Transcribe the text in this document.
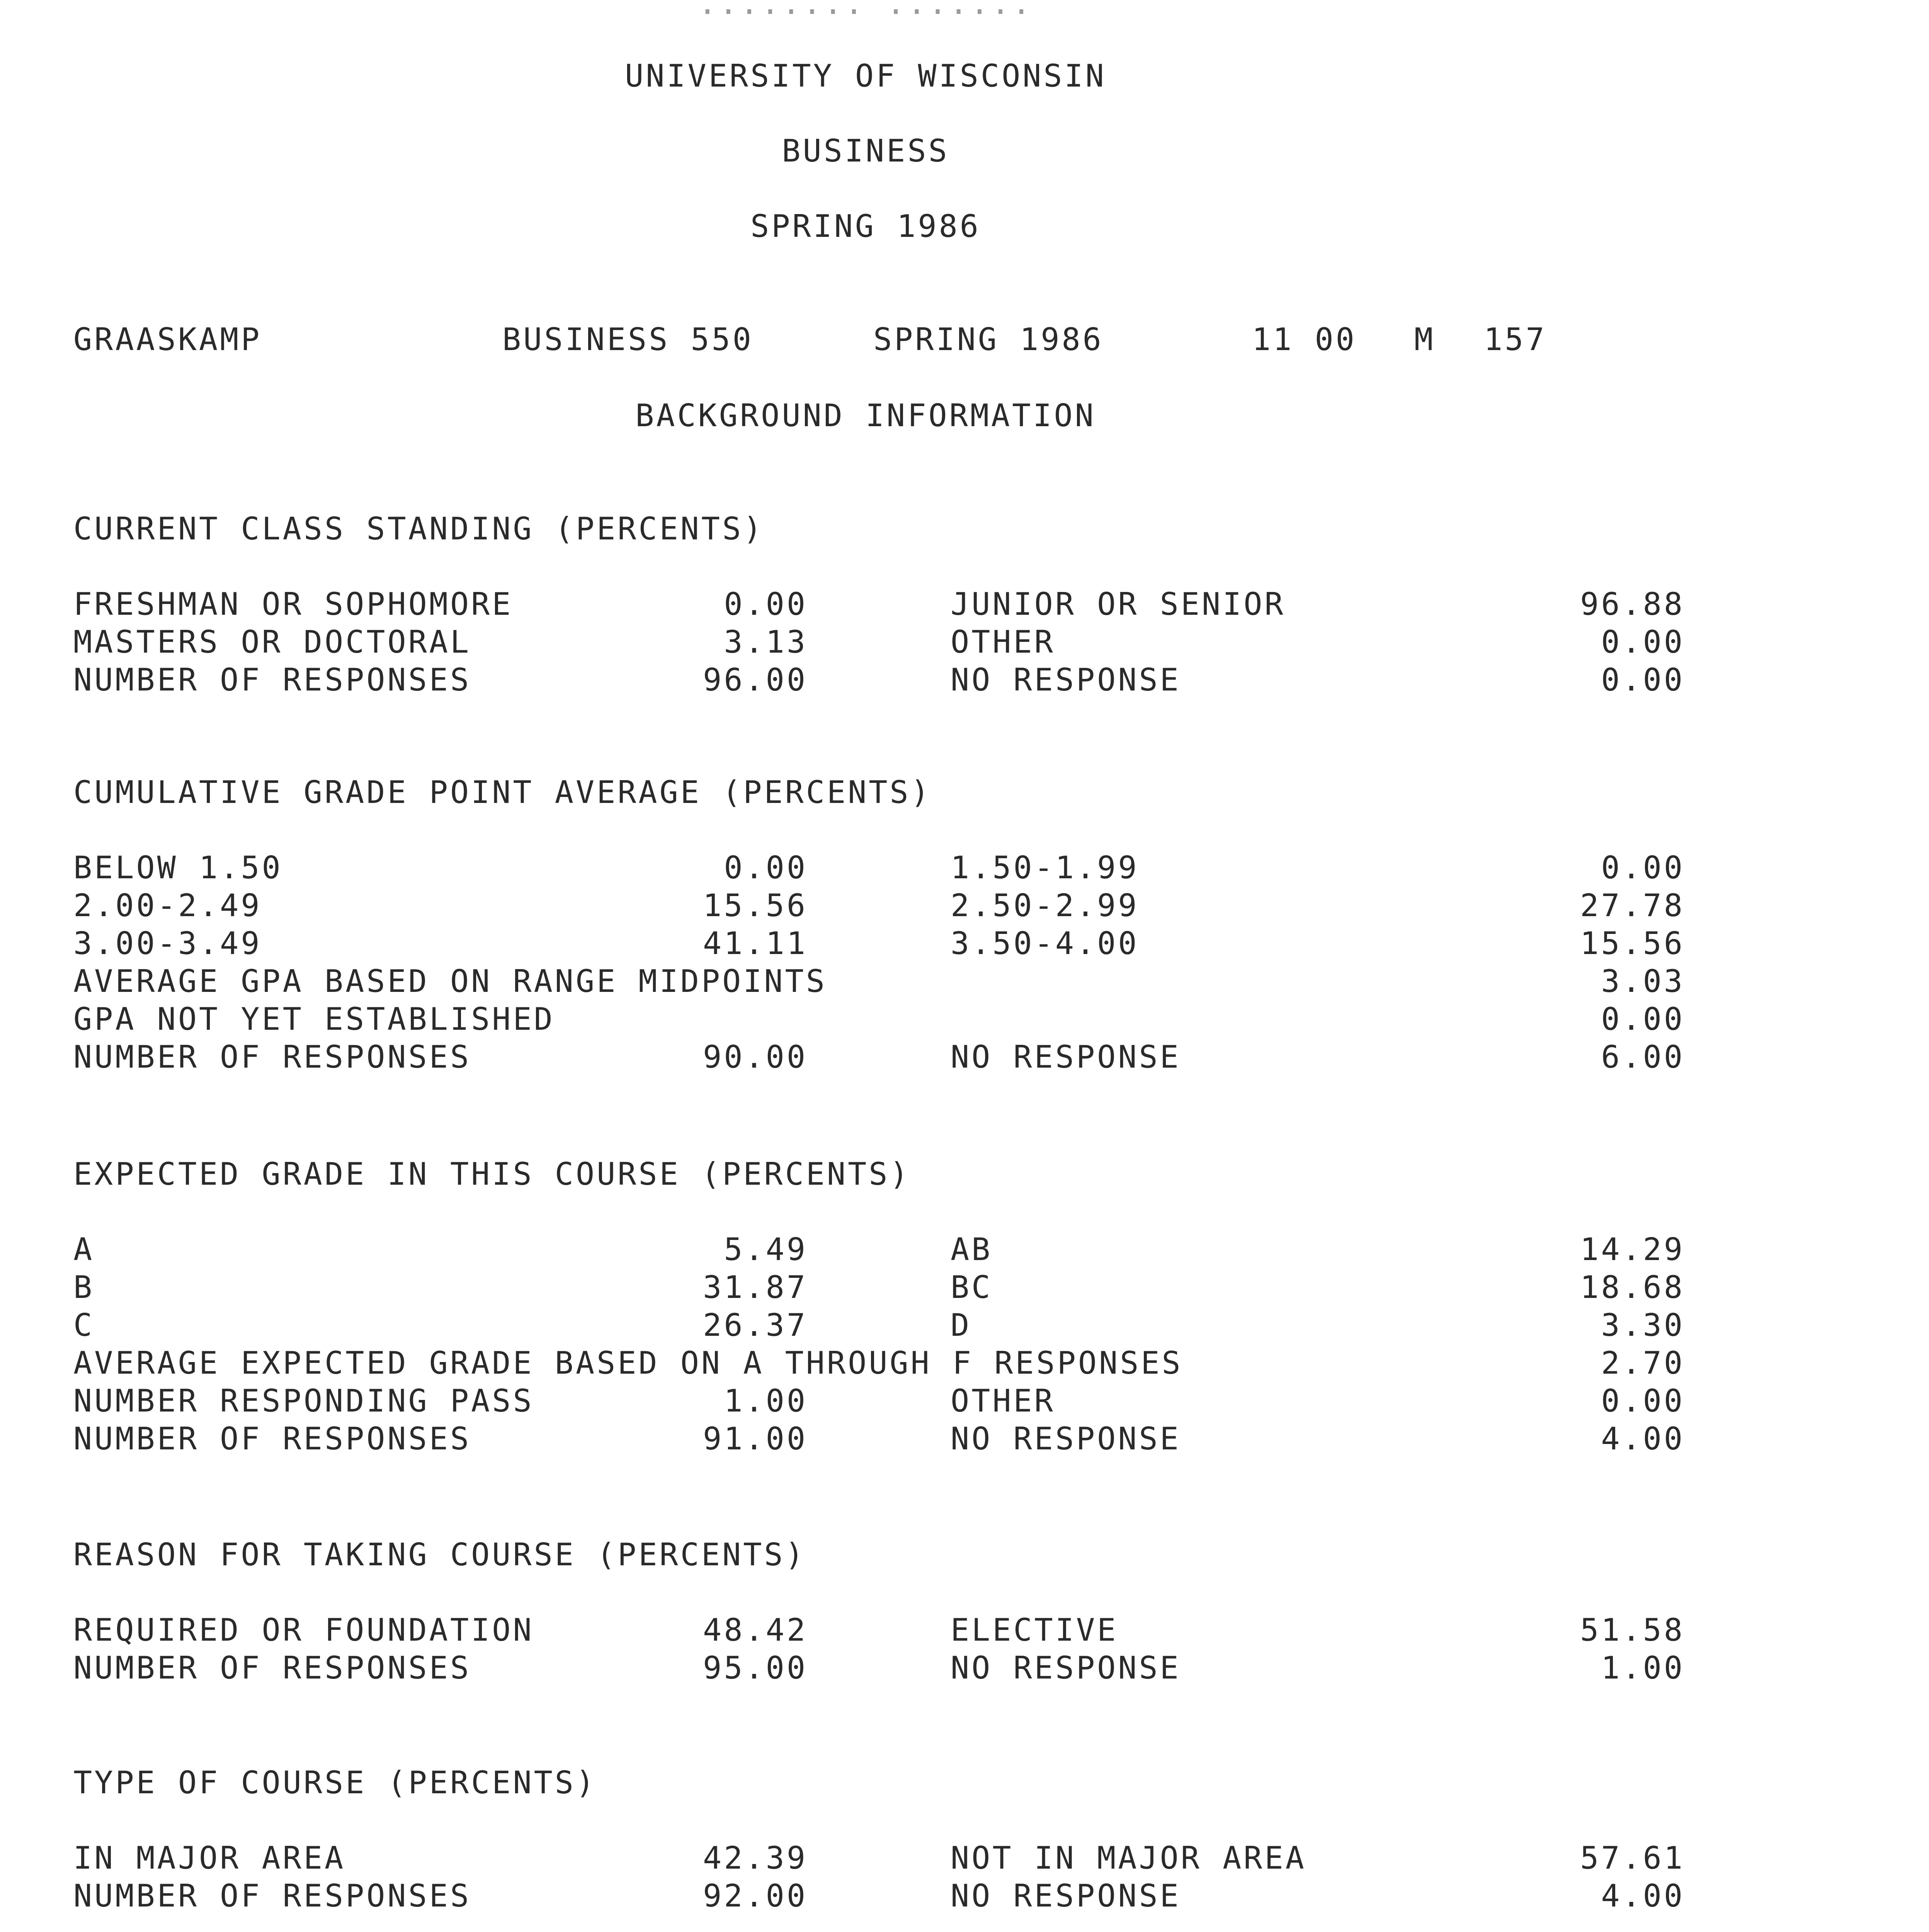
........ .......
UNIVERSITY OF WISCONSIN
BUSINESS
SPRING 1986
GRAASKAMP	BUSINESS 550	SPRING 1986	11 00 M 157
BACKGROUND INFORMATION
CURRENT CLASS STANDING (PERCENTS)
FRESHMAN OR SOPHOMORE	0.00	JUNIOR OR SENIOR	96.88
MASTERS OR DOCTORAL	3.13	OTHER	0.00
NUMBER OF RESPONSES	96.00	NO RESPONSE	0.00
CUMULATIVE GRADE POINT AVERAGE (PERCENTS)
BELOW 1.50	0.00	1.50-1.99	0.00
2.00-2.49	15.56	2.50-2.99	27.78
3.00-3.49	41.11	3.50-4.00	15.56
AVERAGE GPA BASED ON RANGE MIDPOINTS	3.03
GPA NOT YET ESTABLISHED	0.00
NUMBER OF RESPONSES	90.00	NO RESPONSE	6.00
EXPECTED GRADE IN THIS COURSE (PERCENTS)
A	5.49	AB	14.29
B	31.87	BC	18.68
C	26.37	D	3.30
AVERAGE EXPECTED GRADE BASED ON A THROUGH F RESPONSES	2.70
NUMBER RESPONDING PASS	1.00	OTHER	0.00
NUMBER OF RESPONSES	91.00	NO RESPONSE	4.00
REASON FOR TAKING COURSE (PERCENTS)
REQUIRED OR FOUNDATION	48.42	ELECTIVE	51.58
NUMBER OF RESPONSES	95.00	NO RESPONSE	1.00
TYPE OF COURSE (PERCENTS)
IN MAJOR AREA	42.39	NOT IN MAJOR AREA	57.61
NUMBER OF RESPONSES	92.00	NO RESPONSE	4.00
